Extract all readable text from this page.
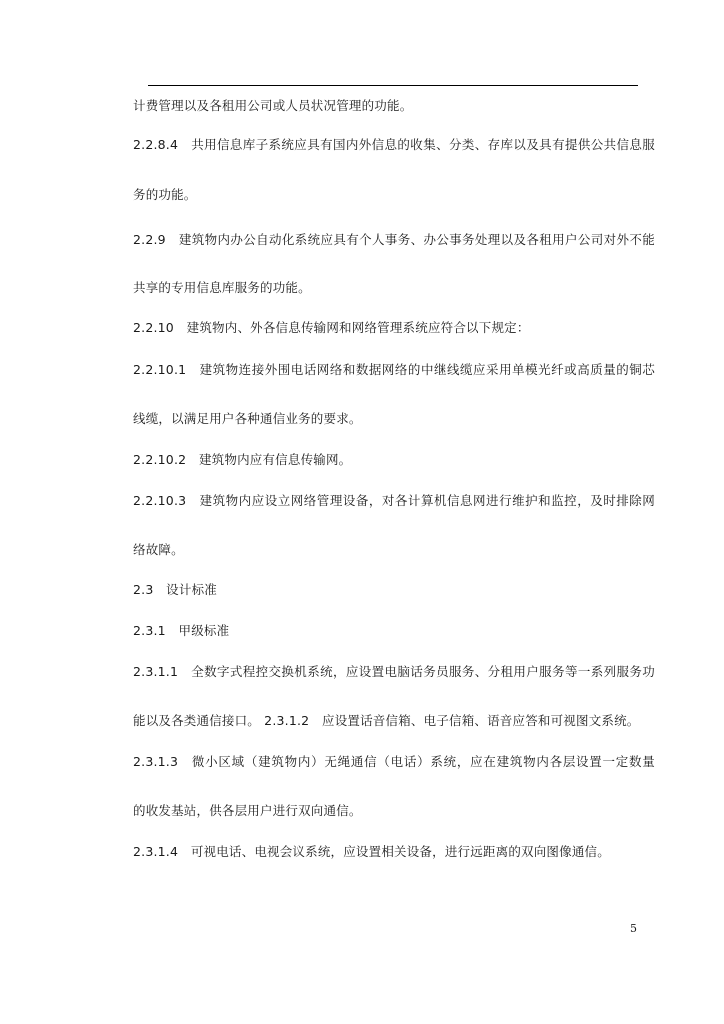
计费管理以及各租用公司或人员状况管理的功能。
2.2.8.4　共用信息库子系统应具有国内外信息的收集、分类、存库以及具有提供公共信息服
务的功能。
2.2.9　建筑物内办公自动化系统应具有个人事务、办公事务处理以及各租用户公司对外不能
共享的专用信息库服务的功能。
2.2.10　建筑物内、外各信息传输网和网络管理系统应符合以下规定：
2.2.10.1　建筑物连接外围电话网络和数据网络的中继线缆应采用单模光纤或高质量的铜芯
线缆，以满足用户各种通信业务的要求。
2.2.10.2　建筑物内应有信息传输网。
2.2.10.3　建筑物内应设立网络管理设备，对各计算机信息网进行维护和监控，及时排除网
络故障。
2.3　设计标准
2.3.1　甲级标准
2.3.1.1　全数字式程控交换机系统，应设置电脑话务员服务、分租用户服务等一系列服务功
能以及各类通信接口。 2.3.1.2　应设置话音信箱、电子信箱、语音应答和可视图文系统。
2.3.1.3　微小区域（建筑物内）无绳通信（电话）系统，应在建筑物内各层设置一定数量
的收发基站，供各层用户进行双向通信。
2.3.1.4　可视电话、电视会议系统，应设置相关设备，进行远距离的双向图像通信。
5
